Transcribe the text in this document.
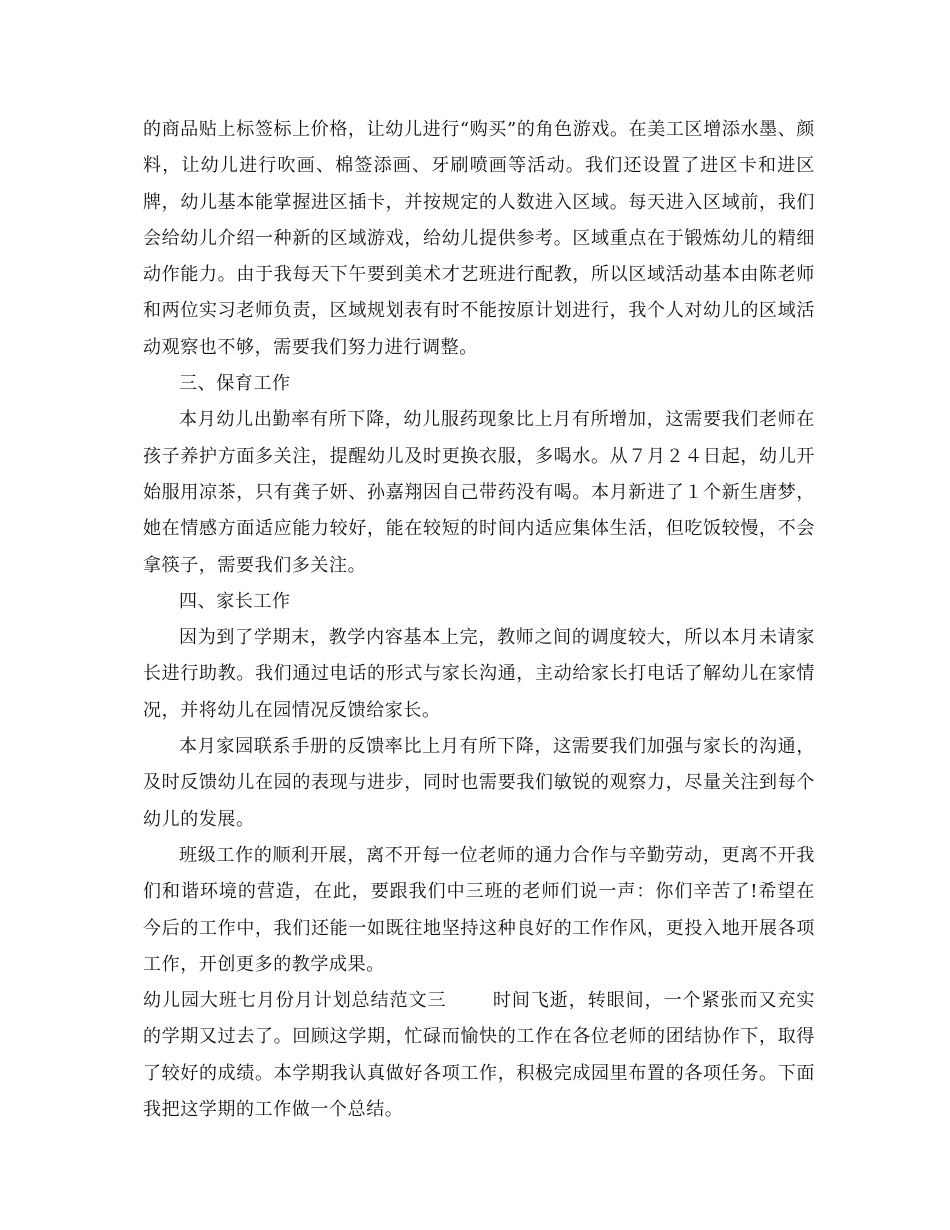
的商品贴上标签标上价格，让幼儿进行“购买”的角色游戏。在美工区增添水墨、颜料，让幼儿进行吹画、棉签添画、牙刷喷画等活动。我们还设置了进区卡和进区牌，幼儿基本能掌握进区插卡，并按规定的人数进入区域。每天进入区域前，我们会给幼儿介绍一种新的区域游戏，给幼儿提供参考。区域重点在于锻炼幼儿的精细动作能力。由于我每天下午要到美术才艺班进行配教，所以区域活动基本由陈老师和两位实习老师负责，区域规划表有时不能按原计划进行，我个人对幼儿的区域活动观察也不够，需要我们努力进行调整。

三、保育工作

本月幼儿出勤率有所下降，幼儿服药现象比上月有所增加，这需要我们老师在孩子养护方面多关注，提醒幼儿及时更换衣服，多喝水。从７月２４日起，幼儿开始服用凉茶，只有龚子妍、孙嘉翔因自己带药没有喝。本月新进了１个新生唐梦，她在情感方面适应能力较好，能在较短的时间内适应集体生活，但吃饭较慢，不会拿筷子，需要我们多关注。

四、家长工作

因为到了学期末，教学内容基本上完，教师之间的调度较大，所以本月未请家长进行助教。我们通过电话的形式与家长沟通，主动给家长打电话了解幼儿在家情况，并将幼儿在园情况反馈给家长。

本月家园联系手册的反馈率比上月有所下降，这需要我们加强与家长的沟通，及时反馈幼儿在园的表现与进步，同时也需要我们敏锐的观察力，尽量关注到每个幼儿的发展。

班级工作的顺利开展，离不开每一位老师的通力合作与辛勤劳动，更离不开我们和谐环境的营造，在此，要跟我们中三班的老师们说一声：你们辛苦了!希望在今后的工作中，我们还能一如既往地坚持这种良好的工作作风，更投入地开展各项工作，开创更多的教学成果。

幼儿园大班七月份月计划总结范文三	时间飞逝，转眼间，一个紧张而又充实的学期又过去了。回顾这学期，忙碌而愉快的工作在各位老师的团结协作下，取得了较好的成绩。本学期我认真做好各项工作，积极完成园里布置的各项任务。下面我把这学期的工作做一个总结。
